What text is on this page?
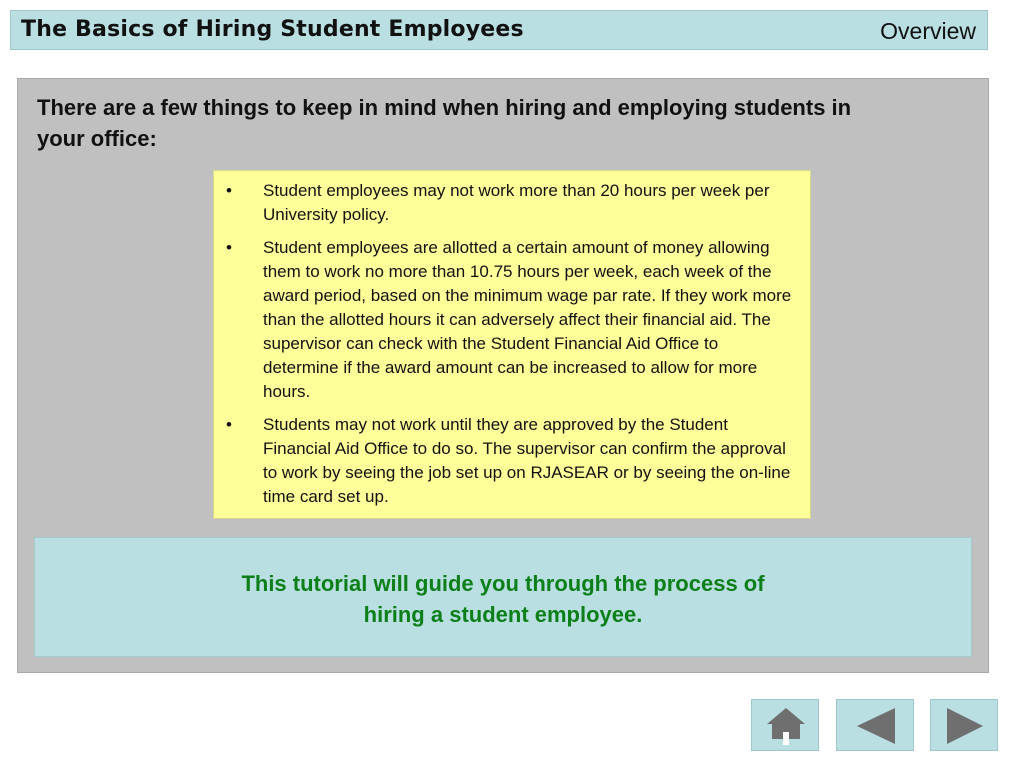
The Basics of Hiring Student Employees	Overview
There are a few things to keep in mind when hiring and employing students in your office:
•	Student employees may not work more than 20 hours per week per University policy.
•	Student employees are allotted a certain amount of money allowing them to work no more than 10.75 hours per week, each week of the award period, based on the minimum wage par rate. If they work more than the allotted hours it can adversely affect their financial aid. The supervisor can check with the Student Financial Aid Office to determine if the award amount can be increased to allow for more hours.
•	Students may not work until they are approved by the Student Financial Aid Office to do so. The supervisor can confirm the approval to work by seeing the job set up on RJASEAR or by seeing the on-line time card set up.
This tutorial will guide you through the process of
hiring a student employee.
